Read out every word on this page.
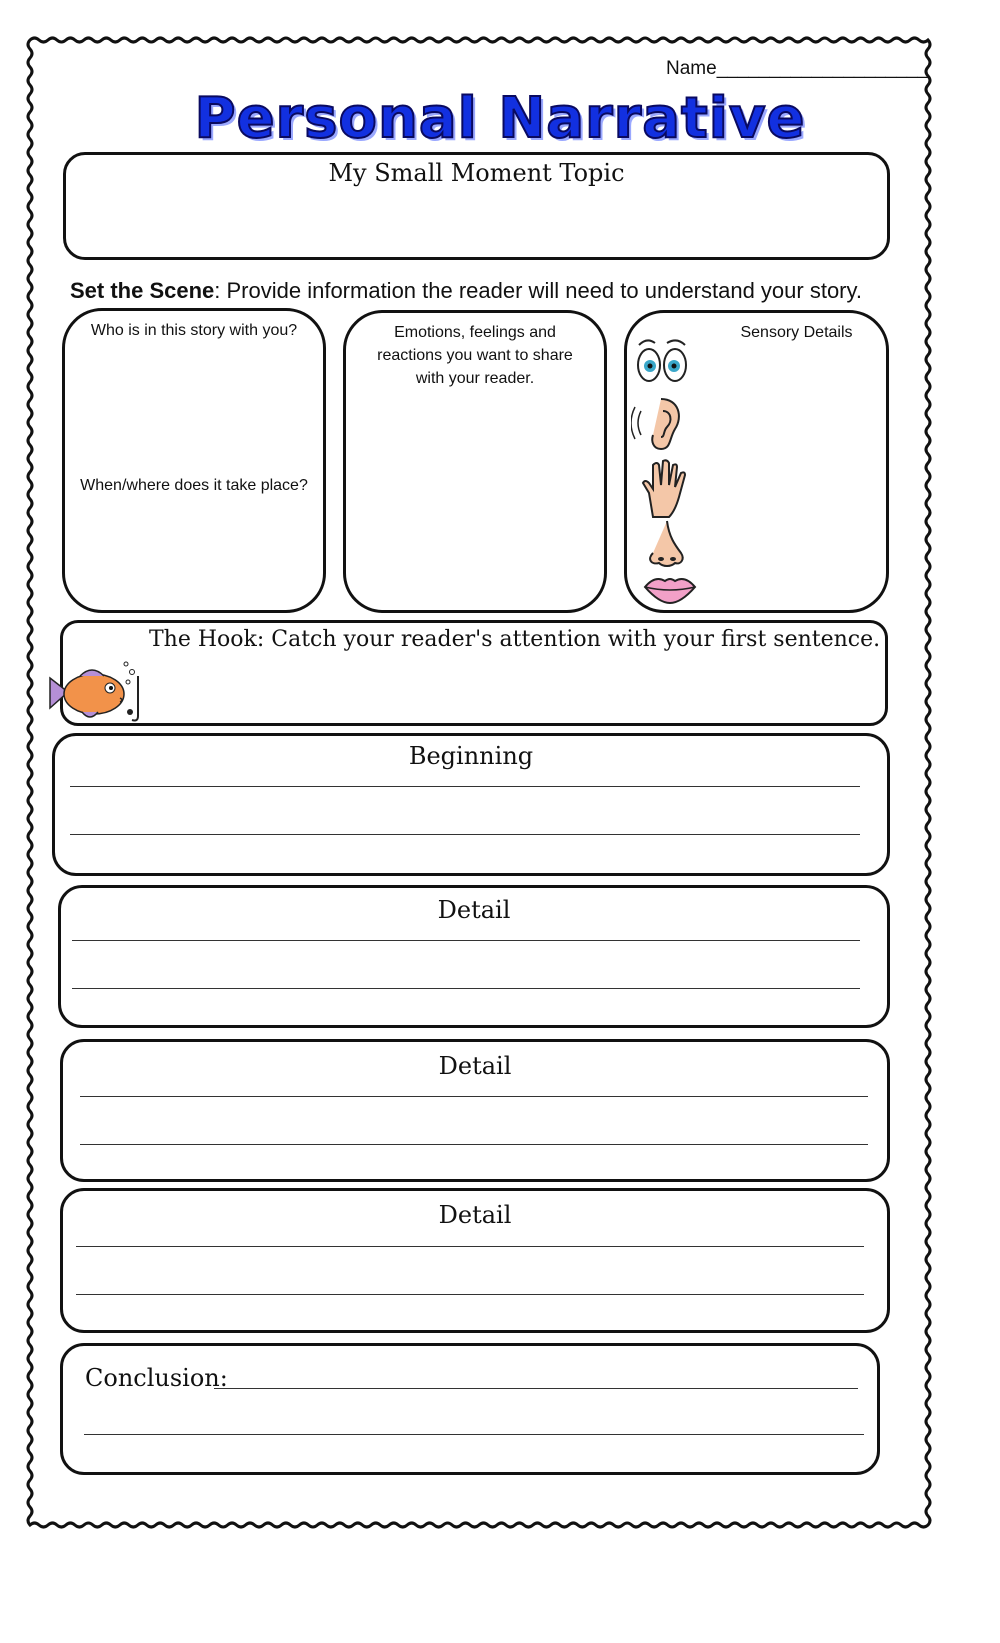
Name____________________
Personal Narrative
My Small Moment Topic
Set the Scene: Provide information the reader will need to understand your story.
Who is in this story with you?
When/where does it take place?
Emotions, feelings and
reactions you want to share
with your reader.
Sensory Details
The Hook: Catch your reader's attention with your first sentence.
Beginning
Detail
Detail
Detail
Conclusion:
